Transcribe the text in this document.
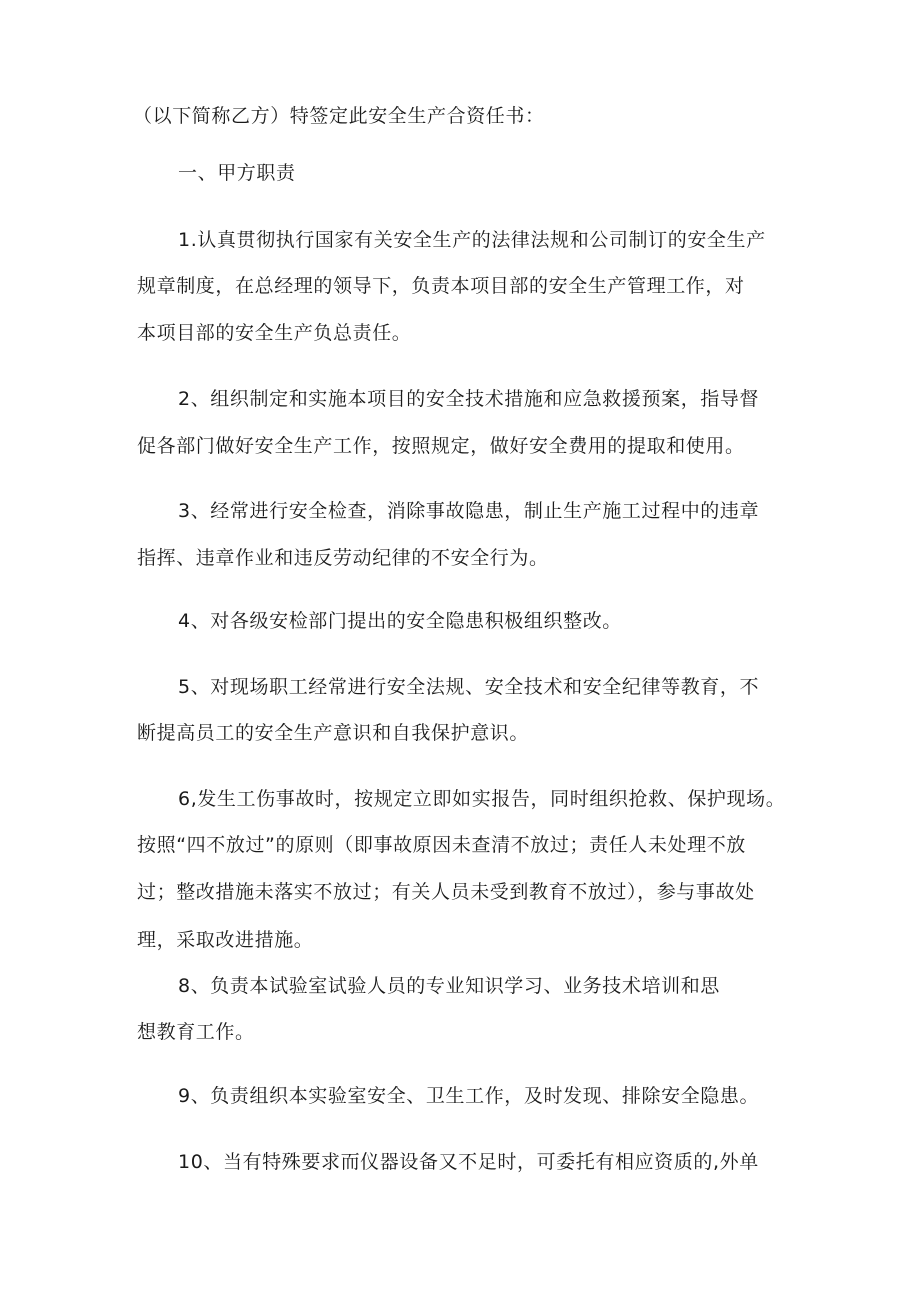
（以下简称乙方）特签定此安全生产合资任书：
一、甲方职责
1.认真贯彻执行国家有关安全生产的法律法规和公司制订的安全生产
规章制度，在总经理的领导下，负责本项目部的安全生产管理工作，对
本项目部的安全生产负总责任。
2、组织制定和实施本项目的安全技术措施和应急救援预案，指导督
促各部门做好安全生产工作，按照规定，做好安全费用的提取和使用。
3、经常进行安全检查，消除事故隐患，制止生产施工过程中的违章
指挥、违章作业和违反劳动纪律的不安全行为。
4、对各级安检部门提出的安全隐患积极组织整改。
5、对现场职工经常进行安全法规、安全技术和安全纪律等教育，不
断提高员工的安全生产意识和自我保护意识。
6,发生工伤事故时，按规定立即如实报告，同时组织抢救、保护现场。
按照“四不放过”的原则（即事故原因未查清不放过；责任人未处理不放
过；整改措施未落实不放过；有关人员未受到教育不放过），参与事故处
理，采取改进措施。
8、负责本试验室试验人员的专业知识学习、业务技术培训和思
想教育工作。
9、负责组织本实验室安全、卫生工作，及时发现、排除安全隐患。
10、当有特殊要求而仪器设备又不足时，可委托有相应资质的,外单
